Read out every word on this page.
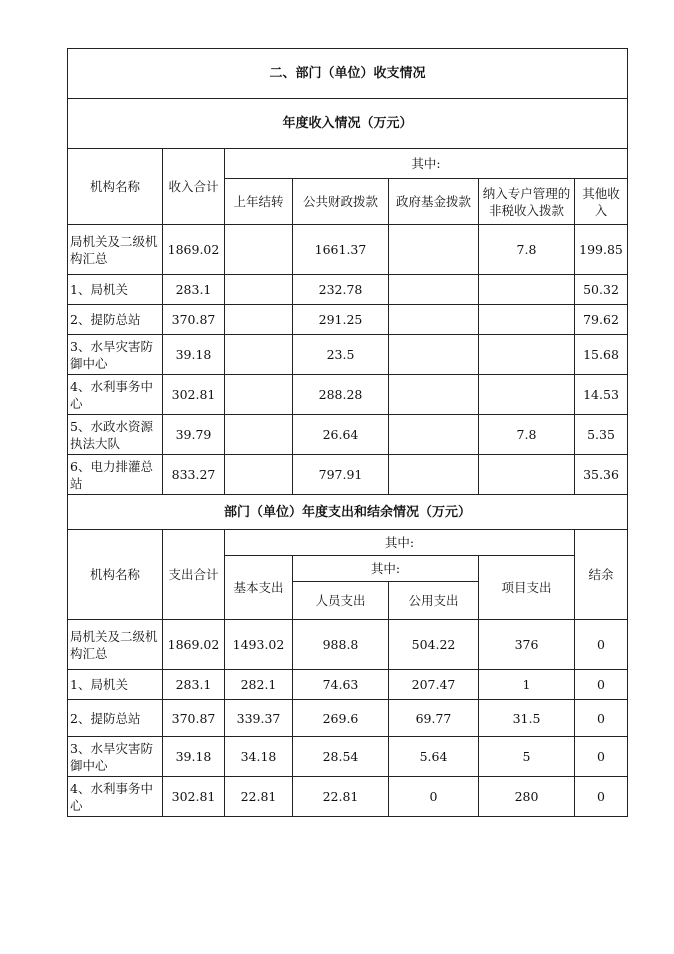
二、部门（单位）收支情况						
年度收入情况（万元）						
机构名称	收入合计	其中:				
		上年结转	公共财政拨款	政府基金拨款	纳入专户管理的非税收入拨款	其他收入
局机关及二级机构汇总	1869.02		1661.37		7.8	199.85
1、局机关	283.1		232.78			50.32
2、提防总站	370.87		291.25			79.62
3、水旱灾害防御中心	39.18		23.5			15.68
4、水利事务中心	302.81		288.28			14.53
5、水政水资源执法大队	39.79		26.64		7.8	5.35
6、电力排灌总站	833.27		797.91			35.36
部门（单位）年度支出和结余情况（万元）						
机构名称	支出合计	其中:				结余
		基本支出	其中:		项目支出	
			人员支出	公用支出		
局机关及二级机构汇总	1869.02	1493.02	988.8	504.22	376	0
1、局机关	283.1	282.1	74.63	207.47	1	0
2、提防总站	370.87	339.37	269.6	69.77	31.5	0
3、水旱灾害防御中心	39.18	34.18	28.54	5.64	5	0
4、水利事务中心	302.81	22.81	22.81	0	280	0
